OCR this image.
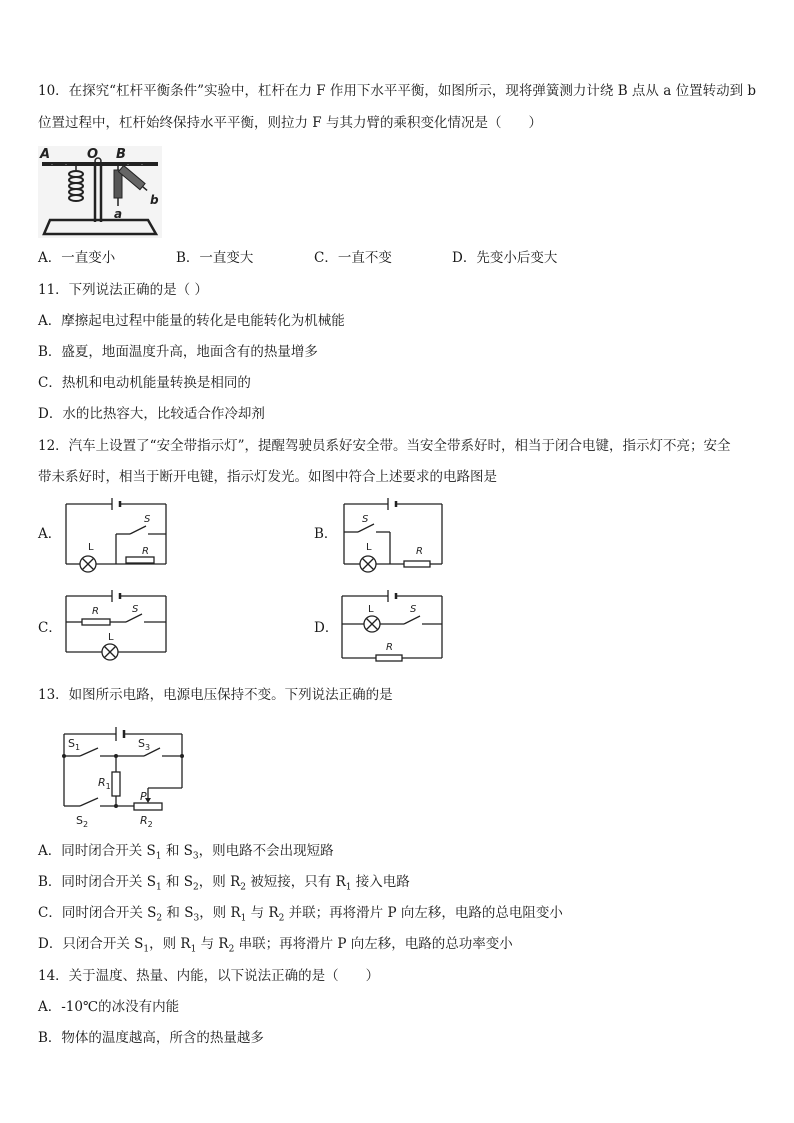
10．在探究“杠杆平衡条件”实验中，杠杆在力 F 作用下水平平衡，如图所示，现将弹簧测力计绕 B 点从 a 位置转动到 b
位置过程中，杠杆始终保持水平平衡，则拉力 F 与其力臂的乘积变化情况是（　　）
A	O B
b
a
A．一直变小	B．一直变大	C．一直不变	D．先变小后变大
11．下列说法正确的是（ ）
A．摩擦起电过程中能量的转化是电能转化为机械能
B．盛夏，地面温度升高，地面含有的热量增多
C．热机和电动机能量转换是相同的
D．水的比热容大，比较适合作冷却剂
12．汽车上设置了“安全带指示灯”，提醒驾驶员系好安全带。当安全带系好时，相当于闭合电键，指示灯不亮；安全
带未系好时，相当于断开电键，指示灯发光。如图中符合上述要求的电路图是
A．
S
R
L
B．
S
R
L
C．
S
R
L
D．
S
R
L
13．如图所示电路，电源电压保持不变。下列说法正确的是
$S_1$	$S_3$
$S_2$
$R_1$
$R_2$
P
A．同时闭合开关 $S_1$ 和 $S_3$，则电路不会出现短路
B．同时闭合开关 $S_1$ 和 $S_2$，则 $R_2$ 被短接，只有 $R_1$ 接入电路
C．同时闭合开关 $S_2$ 和 $S_3$，则 $R_1$ 与 $R_2$ 并联；再将滑片 P 向左移，电路的总电阻变小
D．只闭合开关 $S_1$，则 $R_1$ 与 $R_2$ 串联；再将滑片 P 向左移，电路的总功率变小
14．关于温度、热量、内能，以下说法正确的是（　　）
A．-10℃的冰没有内能
B．物体的温度越高，所含的热量越多
